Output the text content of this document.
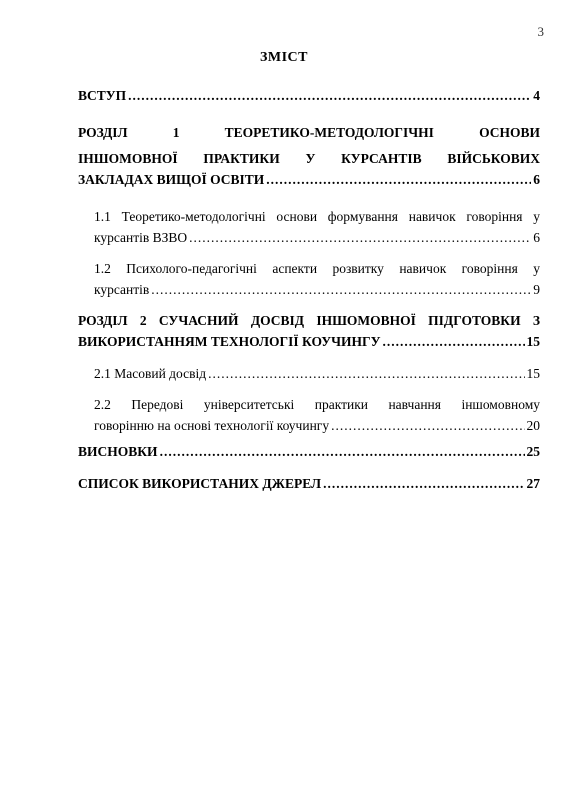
3
ЗМІСТ
ВСТУП .....	4
РОЗДІЛ 1 ТЕОРЕТИКО-МЕТОДОЛОГІЧНІ ОСНОВИ
ІНШОМОВНОЇ ПРАКТИКИ У КУРСАНТІВ ВІЙСЬКОВИХ
ЗАКЛАДАХ ВИЩОЇ ОСВІТИ .....	6
1.1 Теоретико-методологічні основи формування навичок говоріння у
курсантів ВЗВО .....	6
1.2 Психолого-педагогічні аспекти розвитку навичок говоріння у
курсантів .....	9
РОЗДІЛ 2 СУЧАСНИЙ ДОСВІД ІНШОМОВНОЇ ПІДГОТОВКИ З
ВИКОРИСТАННЯМ ТЕХНОЛОГІЇ КОУЧИНГУ .....	15
2.1 Масовий досвід .....	15
2.2 Передові університетські практики навчання іншомовному
говорінню на основі технології коучингу .....	20
ВИСНОВКИ .....	25
СПИСОК ВИКОРИСТАНИХ ДЖЕРЕЛ .....	27
